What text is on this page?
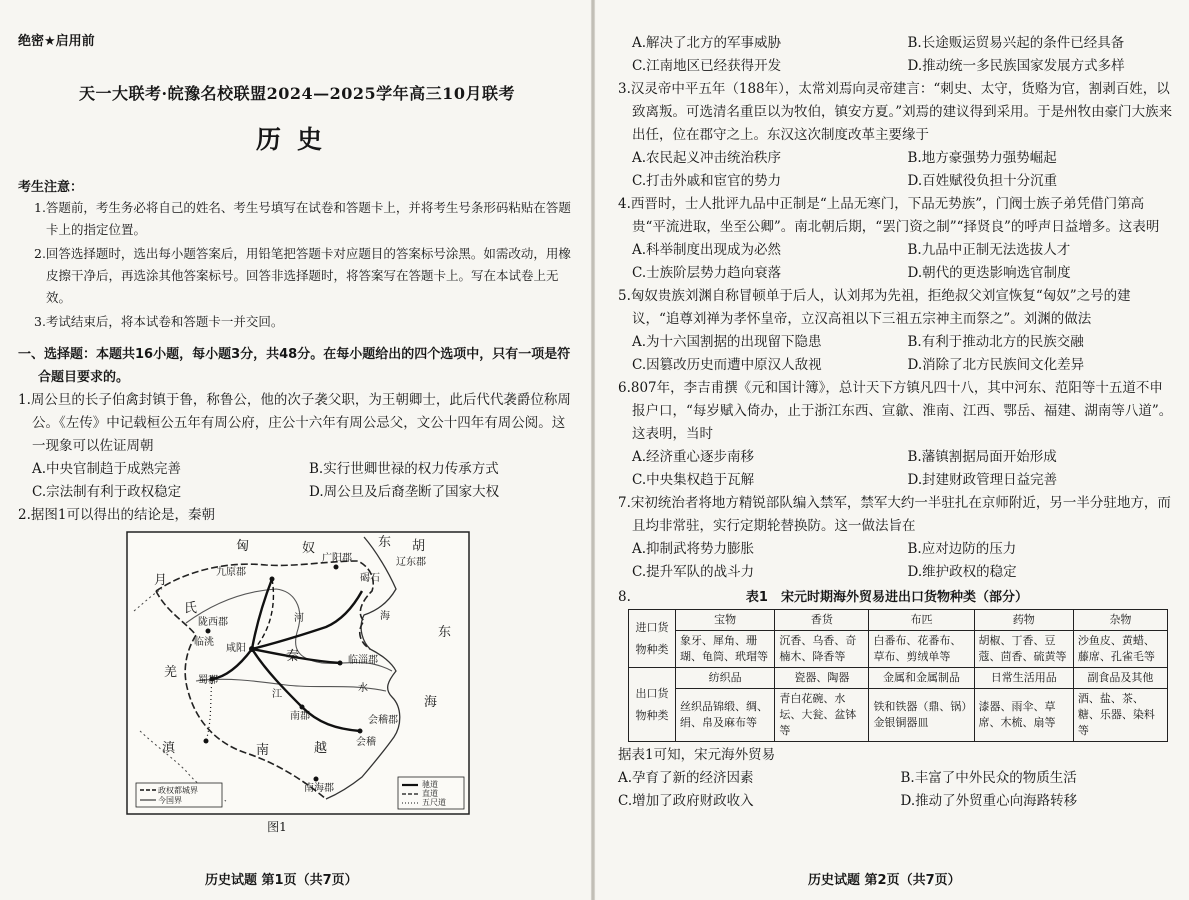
绝密★启用前
天一大联考·皖豫名校联盟2024—2025学年高三10月联考
历史
考生注意：

1.答题前，考生务必将自己的姓名、考生号填写在试卷和答题卡上，并将考生号条形码粘贴在答题卡上的指定位置。

2.回答选择题时，选出每小题答案后，用铅笔把答题卡对应题目的答案标号涂黑。如需改动，用橡皮擦干净后，再选涂其他答案标号。回答非选择题时，将答案写在答题卡上。写在本试卷上无效。

3.考试结束后，将本试卷和答题卡一并交回。

一、选择题：本题共16小题，每小题3分，共48分。在每小题给出的四个选项中，只有一项是符合题目要求的。

1.周公旦的长子伯禽封镇于鲁，称鲁公，他的次子袭父职，为王朝卿士，此后代代袭爵位称周公。《左传》中记载桓公五年有周公府，庄公十六年有周公忌父，文公十四年有周公阅。这一现象可以佐证周朝

A.中央官制趋于成熟完善	B.实行世卿世禄的权力传承方式
C.宗法制有利于政权稳定	D.周公旦及后裔垄断了国家大权

2.据图1可以得出的结论是，秦朝

匈	奴	东 胡
月
氏
羌
滇	南	越
秦
东
海
九原郡
广阳郡	辽东郡
碣石
陇西郡
临洮
咸阳
临淄郡
蜀郡
南郡	会稽郡
会稽
南海郡
江
河
水
海
政权都城界
今国界
驰道
直道
五尺道
图1
历史试题 第1页（共7页）
A.解决了北方的军事威胁	B.长途贩运贸易兴起的条件已经具备
C.江南地区已经获得开发	D.推动统一多民族国家发展方式多样

3.汉灵帝中平五年（188年），太常刘焉向灵帝建言：“刺史、太守，货赂为官，割剥百姓，以致离叛。可选清名重臣以为牧伯，镇安方夏。”刘焉的建议得到采用。于是州牧由豪门大族来出任，位在郡守之上。东汉这次制度改革主要缘于

A.农民起义冲击统治秩序	B.地方豪强势力强势崛起
C.打击外戚和宦官的势力	D.百姓赋役负担十分沉重

4.西晋时，士人批评九品中正制是“上品无寒门，下品无势族”，门阀士族子弟凭借门第高贵“平流进取，坐至公卿”。南北朝后期，“罢门资之制”“择贤良”的呼声日益增多。这表明

A.科举制度出现成为必然	B.九品中正制无法选拔人才
C.士族阶层势力趋向衰落	D.朝代的更迭影响选官制度

5.匈奴贵族刘渊自称冒顿单于后人，认刘邦为先祖，拒绝叔父刘宣恢复“匈奴”之号的建议，“追尊刘禅为孝怀皇帝，立汉高祖以下三祖五宗神主而祭之”。刘渊的做法

A.为十六国割据的出现留下隐患	B.有利于推动北方的民族交融
C.因篡改历史而遭中原汉人敌视	D.消除了北方民族间文化差异

6.807年，李吉甫撰《元和国计簿》，总计天下方镇凡四十八，其中河东、范阳等十五道不申报户口，“每岁赋入倚办，止于浙江东西、宣歙、淮南、江西、鄂岳、福建、湖南等八道”。这表明，当时

A.经济重心逐步南移	B.藩镇割据局面开始形成
C.中央集权趋于瓦解	D.封建财政管理日益完善

7.宋初统治者将地方精锐部队编入禁军，禁军大约一半驻扎在京师附近，另一半分驻地方，而且均非常驻，实行定期轮替换防。这一做法旨在

A.抑制武将势力膨胀	B.应对边防的压力
C.提升军队的战斗力	D.维护政权的稳定
8.	表1　宋元时期海外贸易进出口货物种类（部分）
进口货物种类	宝物	香货	布匹	药物	杂物
	象牙、犀角、珊瑚、龟筒、玳瑁等	沉香、乌香、奇楠木、降香等	白番布、花番布、草布、剪绒单等	胡椒、丁香、豆蔻、茴香、硫黄等	沙鱼皮、黄蜡、藤席、孔雀毛等
出口货物种类	纺织品	瓷器、陶器	金属和金属制品	日常生活用品	副食品及其他
	丝织品锦缎、绸、绢、帛及麻布等	青白花碗、水坛、大瓮、盆钵等	铁和铁器（鼎、锅）金银铜器皿	漆器、雨伞、草席、木梳、扇等	酒、盐、茶、糖、乐器、染料等

据表1可知，宋元海外贸易

A.孕育了新的经济因素	B.丰富了中外民众的物质生活
C.增加了政府财政收入	D.推动了外贸重心向海路转移
历史试题 第2页（共7页）
